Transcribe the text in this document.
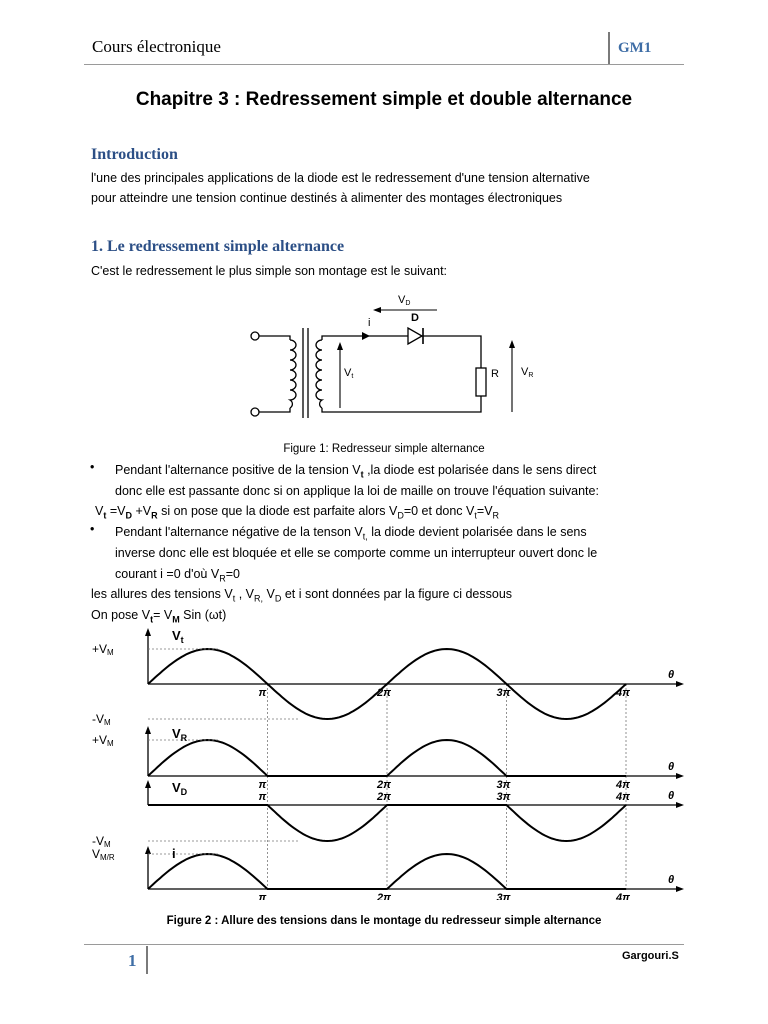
Cours électronique	GM1
Chapitre 3 : Redressement simple et double alternance
Introduction
l'une des principales applications de la diode est le redressement d'une tension alternative
pour atteindre une tension continue destinés à alimenter des montages électroniques
1. Le redressement simple alternance
C'est le redressement le plus simple son montage est le suivant:
i	D
VD
R
Vt	VR
Figure 1: Redresseur simple alternance
• Pendant l'alternance positive de la tension $V_t$ ,la diode est polarisée dans le sens direct
donc elle est passante donc si on applique la loi de maille on trouve l'équation suivante:
$V_t =V_D +V_R$ si on pose que la diode est parfaite alors $V_D=0$ et donc $V_t=V_R$
• Pendant l'alternance négative de la tenson $V_{t,}$ la diode devient polarisée dans le sens
inverse donc elle est bloquée et elle se comporte comme un interrupteur ouvert donc le
courant i =0 d'où $V_R=0$
les allures des tensions $V_t$ , $V_{R,}$ $V_D$ et i sont données par la figure ci dessous
On pose $V_t= V_M$ Sin (ωt)
θ
+VM
-VM
$V_t$
π	2π	3π	4π
θ
+VM
$V_R$
π	2π	3π	4π
θ
-VM
$V_D$	π	2π	3π	4π
θ
VM/R	i
π	2π	3π	4π
Figure 2 : Allure des tensions dans le montage du redresseur simple alternance
1	Gargouri.S
